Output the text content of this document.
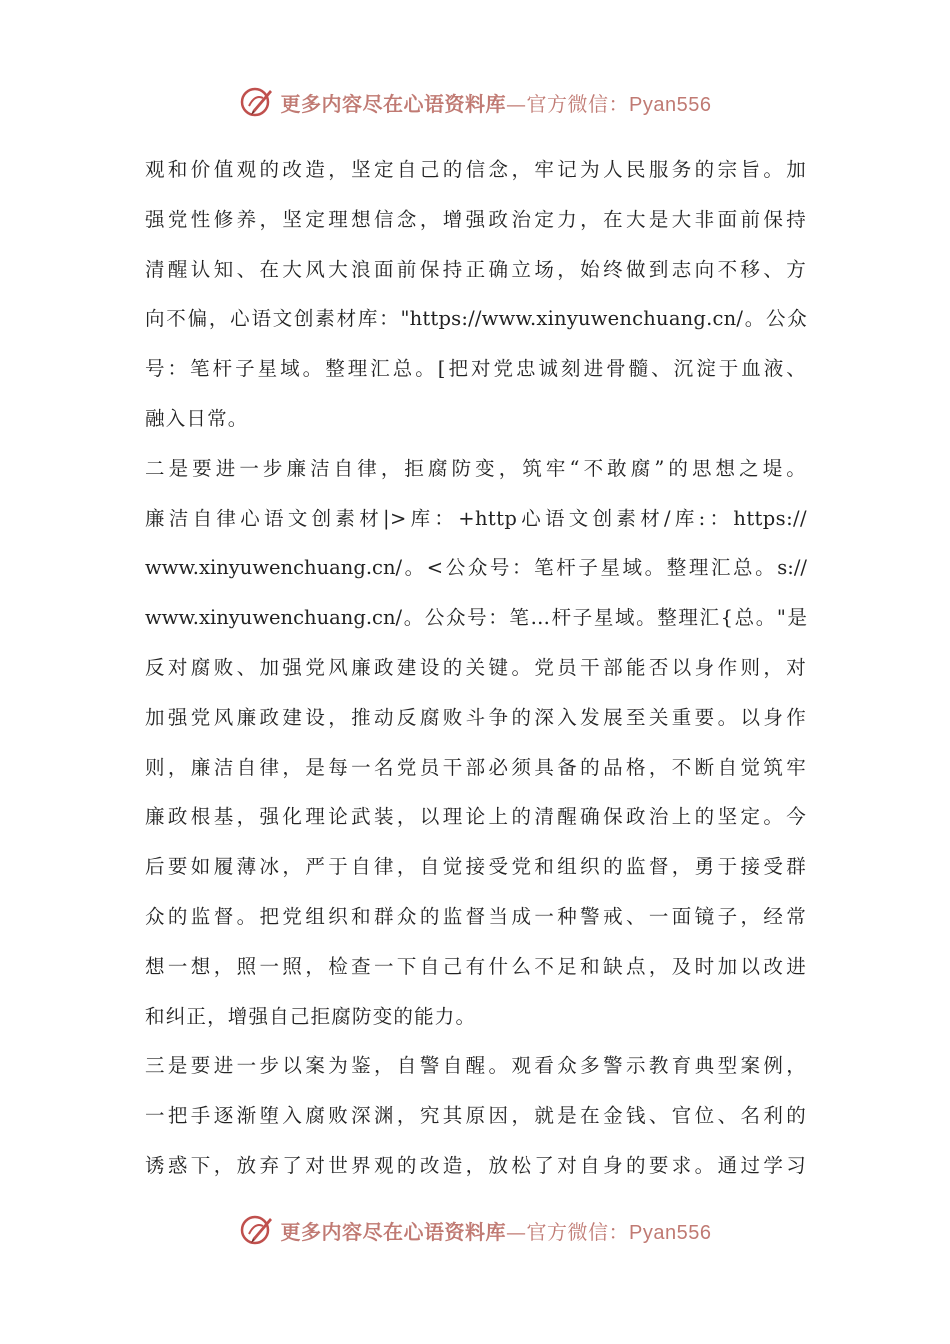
更多内容尽在心语资料库—官方微信：Pyan556
观和价值观的改造，坚定自己的信念，牢记为人民服务的宗旨。加
强党性修养，坚定理想信念，增强政治定力，在大是大非面前保持
清醒认知、在大风大浪面前保持正确立场，始终做到志向不移、方
向不偏，心语文创素材库："https://www.xinyuwenchuang.cn/。公众
号：笔杆子星域。整理汇总。[把对党忠诚刻进骨髓、沉淀于血液、
融入日常。
二是要进一步廉洁自律，拒腐防变，筑牢“不敢腐”的思想之堤。
廉洁自律心语文创素材|>库：+http心语文创素材/库:：https://
www.xinyuwenchuang.cn/。<公众号：笔杆子星域。整理汇总。s://
www.xinyuwenchuang.cn/。公众号：笔…杆子星域。整理汇{总。"是
反对腐败、加强党风廉政建设的关键。党员干部能否以身作则，对
加强党风廉政建设，推动反腐败斗争的深入发展至关重要。以身作
则，廉洁自律，是每一名党员干部必须具备的品格，不断自觉筑牢
廉政根基，强化理论武装，以理论上的清醒确保政治上的坚定。今
后要如履薄冰，严于自律，自觉接受党和组织的监督，勇于接受群
众的监督。把党组织和群众的监督当成一种警戒、一面镜子，经常
想一想，照一照，检查一下自己有什么不足和缺点，及时加以改进
和纠正，增强自己拒腐防变的能力。
三是要进一步以案为鉴，自警自醒。观看众多警示教育典型案例，
一把手逐渐堕入腐败深渊，究其原因，就是在金钱、官位、名利的
诱惑下，放弃了对世界观的改造，放松了对自身的要求。通过学习
更多内容尽在心语资料库—官方微信：Pyan556
